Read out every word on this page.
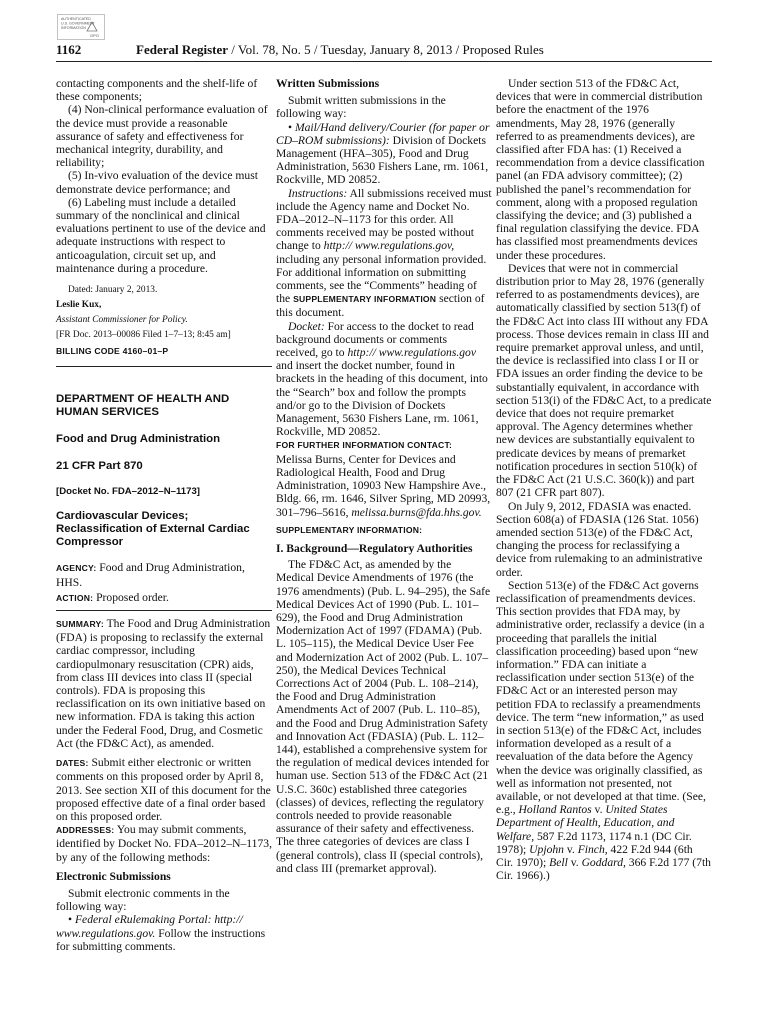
AUTHENTICATED
U.S. GOVERNMENT
INFORMATION
GPO
1162	Federal Register / Vol. 78, No. 5 / Tuesday, January 8, 2013 / Proposed Rules

contacting components and the shelf-life of these components;

(4) Non-clinical performance evaluation of the device must provide a reasonable assurance of safety and effectiveness for mechanical integrity, durability, and reliability;

(5) In-vivo evaluation of the device must demonstrate device performance; and

(6) Labeling must include a detailed summary of the nonclinical and clinical evaluations pertinent to use of the device and adequate instructions with respect to anticoagulation, circuit set up, and maintenance during a procedure.

Dated: January 2, 2013.

Leslie Kux,

Assistant Commissioner for Policy.

[FR Doc. 2013–00086 Filed 1–7–13; 8:45 am]

BILLING CODE 4160–01–P

DEPARTMENT OF HEALTH AND HUMAN SERVICES

Food and Drug Administration

21 CFR Part 870

[Docket No. FDA–2012–N–1173]

Cardiovascular Devices; Reclassification of External Cardiac Compressor

AGENCY: Food and Drug Administration, HHS.

ACTION: Proposed order.

SUMMARY: The Food and Drug Administration (FDA) is proposing to reclassify the external cardiac compressor, including cardiopulmonary resuscitation (CPR) aids, from class III devices into class II (special controls). FDA is proposing this reclassification on its own initiative based on new information. FDA is taking this action under the Federal Food, Drug, and Cosmetic Act (the FD&C Act), as amended.

DATES: Submit either electronic or written comments on this proposed order by April 8, 2013. See section XII of this document for the proposed effective date of a final order based on this proposed order.

ADDRESSES: You may submit comments, identified by Docket No. FDA–2012–N–1173, by any of the following methods:

Electronic Submissions

Submit electronic comments in the following way:

• Federal eRulemaking Portal: http:// www.regulations.gov. Follow the instructions for submitting comments.

Written Submissions

Submit written submissions in the following way:

• Mail/Hand delivery/Courier (for paper or CD–ROM submissions): Division of Dockets Management (HFA–305), Food and Drug Administration, 5630 Fishers Lane, rm. 1061, Rockville, MD 20852.

Instructions: All submissions received must include the Agency name and Docket No. FDA–2012–N–1173 for this order. All comments received may be posted without change to http:// www.regulations.gov, including any personal information provided. For additional information on submitting comments, see the “Comments” heading of the SUPPLEMENTARY INFORMATION section of this document.

Docket: For access to the docket to read background documents or comments received, go to http:// www.regulations.gov and insert the docket number, found in brackets in the heading of this document, into the “Search” box and follow the prompts and/or go to the Division of Dockets Management, 5630 Fishers Lane, rm. 1061, Rockville, MD 20852.

FOR FURTHER INFORMATION CONTACT:

Melissa Burns, Center for Devices and Radiological Health, Food and Drug Administration, 10903 New Hampshire Ave., Bldg. 66, rm. 1646, Silver Spring, MD 20993, 301–796–5616, melissa.burns@fda.hhs.gov.

SUPPLEMENTARY INFORMATION:

I. Background—Regulatory Authorities

The FD&C Act, as amended by the Medical Device Amendments of 1976 (the 1976 amendments) (Pub. L. 94–295), the Safe Medical Devices Act of 1990 (Pub. L. 101–629), the Food and Drug Administration Modernization Act of 1997 (FDAMA) (Pub. L. 105–115), the Medical Device User Fee and Modernization Act of 2002 (Pub. L. 107–250), the Medical Devices Technical Corrections Act of 2004 (Pub. L. 108–214), the Food and Drug Administration Amendments Act of 2007 (Pub. L. 110–85), and the Food and Drug Administration Safety and Innovation Act (FDASIA) (Pub. L. 112–144), established a comprehensive system for the regulation of medical devices intended for human use. Section 513 of the FD&C Act (21 U.S.C. 360c) established three categories (classes) of devices, reflecting the regulatory controls needed to provide reasonable assurance of their safety and effectiveness. The three categories of devices are class I (general controls), class II (special controls), and class III (premarket approval).

Under section 513 of the FD&C Act, devices that were in commercial distribution before the enactment of the 1976 amendments, May 28, 1976 (generally referred to as preamendments devices), are classified after FDA has: (1) Received a recommendation from a device classification panel (an FDA advisory committee); (2) published the panel’s recommendation for comment, along with a proposed regulation classifying the device; and (3) published a final regulation classifying the device. FDA has classified most preamendments devices under these procedures.

Devices that were not in commercial distribution prior to May 28, 1976 (generally referred to as postamendments devices), are automatically classified by section 513(f) of the FD&C Act into class III without any FDA process. Those devices remain in class III and require premarket approval unless, and until, the device is reclassified into class I or II or FDA issues an order finding the device to be substantially equivalent, in accordance with section 513(i) of the FD&C Act, to a predicate device that does not require premarket approval. The Agency determines whether new devices are substantially equivalent to predicate devices by means of premarket notification procedures in section 510(k) of the FD&C Act (21 U.S.C. 360(k)) and part 807 (21 CFR part 807).

On July 9, 2012, FDASIA was enacted. Section 608(a) of FDASIA (126 Stat. 1056) amended section 513(e) of the FD&C Act, changing the process for reclassifying a device from rulemaking to an administrative order.

Section 513(e) of the FD&C Act governs reclassification of preamendments devices. This section provides that FDA may, by administrative order, reclassify a device (in a proceeding that parallels the initial classification proceeding) based upon “new information.” FDA can initiate a reclassification under section 513(e) of the FD&C Act or an interested person may petition FDA to reclassify a preamendments device. The term “new information,” as used in section 513(e) of the FD&C Act, includes information developed as a result of a reevaluation of the data before the Agency when the device was originally classified, as well as information not presented, not available, or not developed at that time. (See, e.g., Holland Rantos v. United States Department of Health, Education, and Welfare, 587 F.2d 1173, 1174 n.1 (DC Cir. 1978); Upjohn v. Finch, 422 F.2d 944 (6th Cir. 1970); Bell v. Goddard, 366 F.2d 177 (7th Cir. 1966).)
